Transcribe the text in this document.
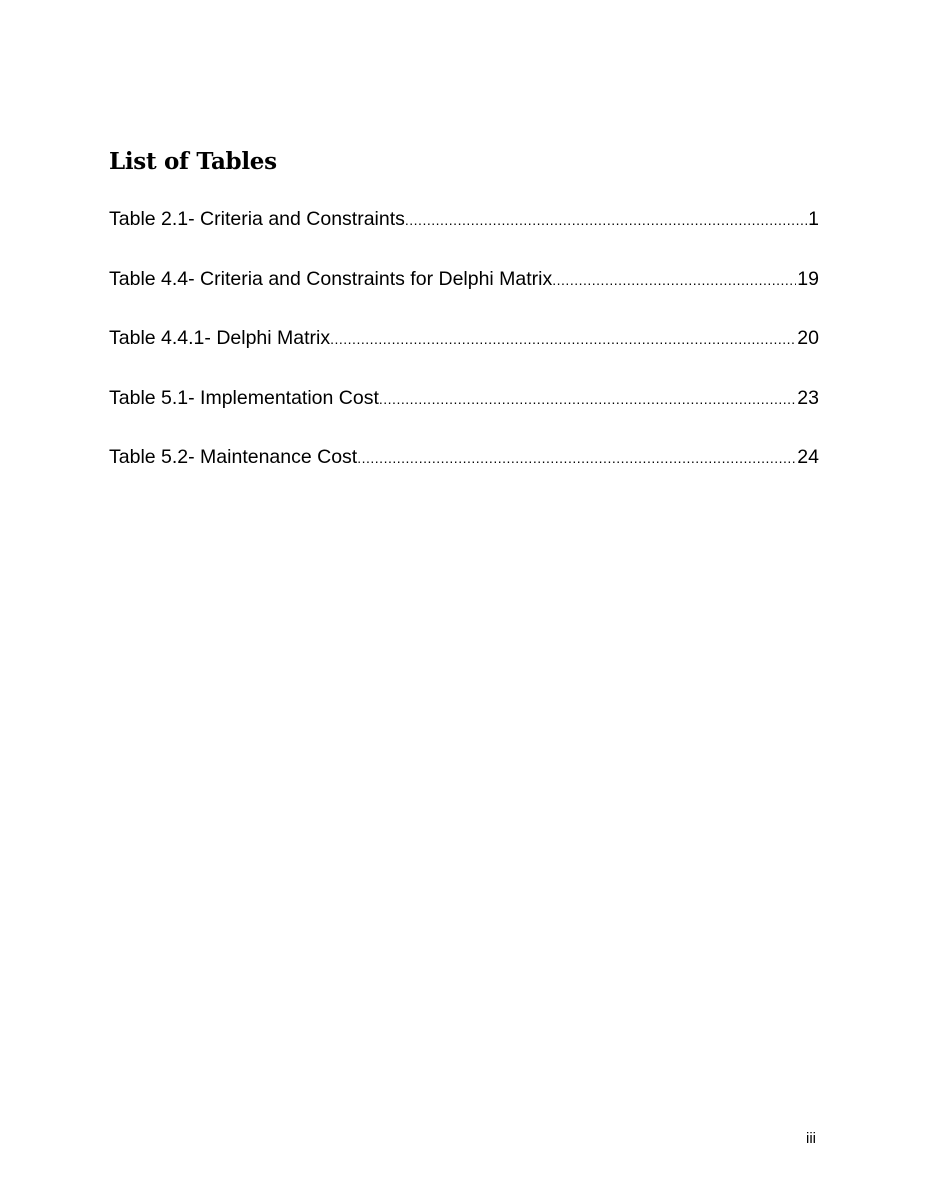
List of Tables
Table 2.1- Criteria and Constraints .....	1
Table 4.4- Criteria and Constraints for Delphi Matrix .....	19
Table 4.4.1- Delphi Matrix .....	20
Table 5.1- Implementation Cost .....	23
Table 5.2- Maintenance Cost .....	24

iii
